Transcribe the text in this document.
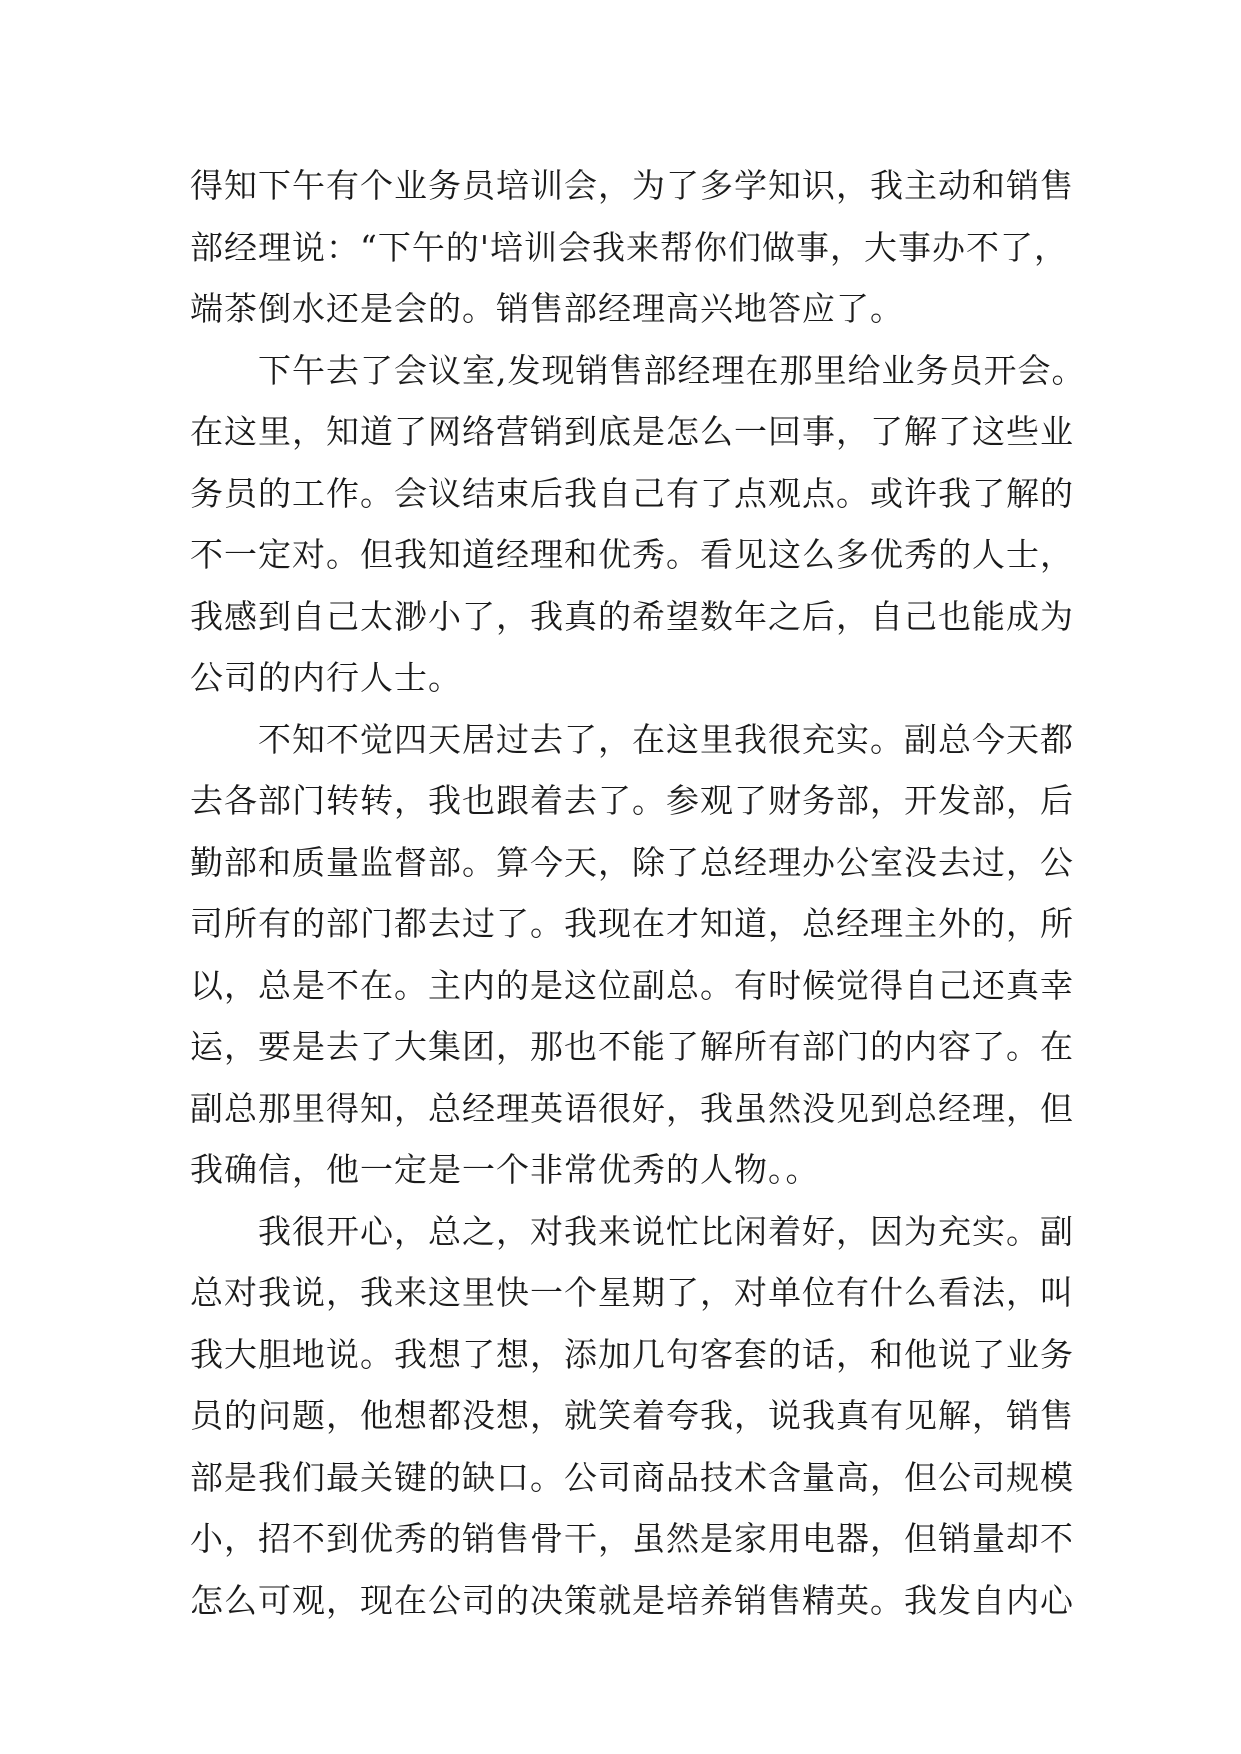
得知下午有个业务员培训会，为了多学知识，我主动和销售
部经理说：“下午的'培训会我来帮你们做事，大事办不了，
端茶倒水还是会的。销售部经理高兴地答应了。
下午去了会议室,发现销售部经理在那里给业务员开会。
在这里，知道了网络营销到底是怎么一回事，了解了这些业
务员的工作。会议结束后我自己有了点观点。或许我了解的
不一定对。但我知道经理和优秀。看见这么多优秀的人士，
我感到自己太渺小了，我真的希望数年之后，自己也能成为
公司的内行人士。
不知不觉四天居过去了，在这里我很充实。副总今天都
去各部门转转，我也跟着去了。参观了财务部，开发部，后
勤部和质量监督部。算今天，除了总经理办公室没去过，公
司所有的部门都去过了。我现在才知道，总经理主外的，所
以，总是不在。主内的是这位副总。有时候觉得自己还真幸
运，要是去了大集团，那也不能了解所有部门的内容了。在
副总那里得知，总经理英语很好，我虽然没见到总经理，但
我确信，他一定是一个非常优秀的人物。。
我很开心，总之，对我来说忙比闲着好，因为充实。副
总对我说，我来这里快一个星期了，对单位有什么看法，叫
我大胆地说。我想了想，添加几句客套的话，和他说了业务
员的问题，他想都没想，就笑着夸我，说我真有见解，销售
部是我们最关键的缺口。公司商品技术含量高，但公司规模
小，招不到优秀的销售骨干，虽然是家用电器，但销量却不
怎么可观，现在公司的决策就是培养销售精英。我发自内心
